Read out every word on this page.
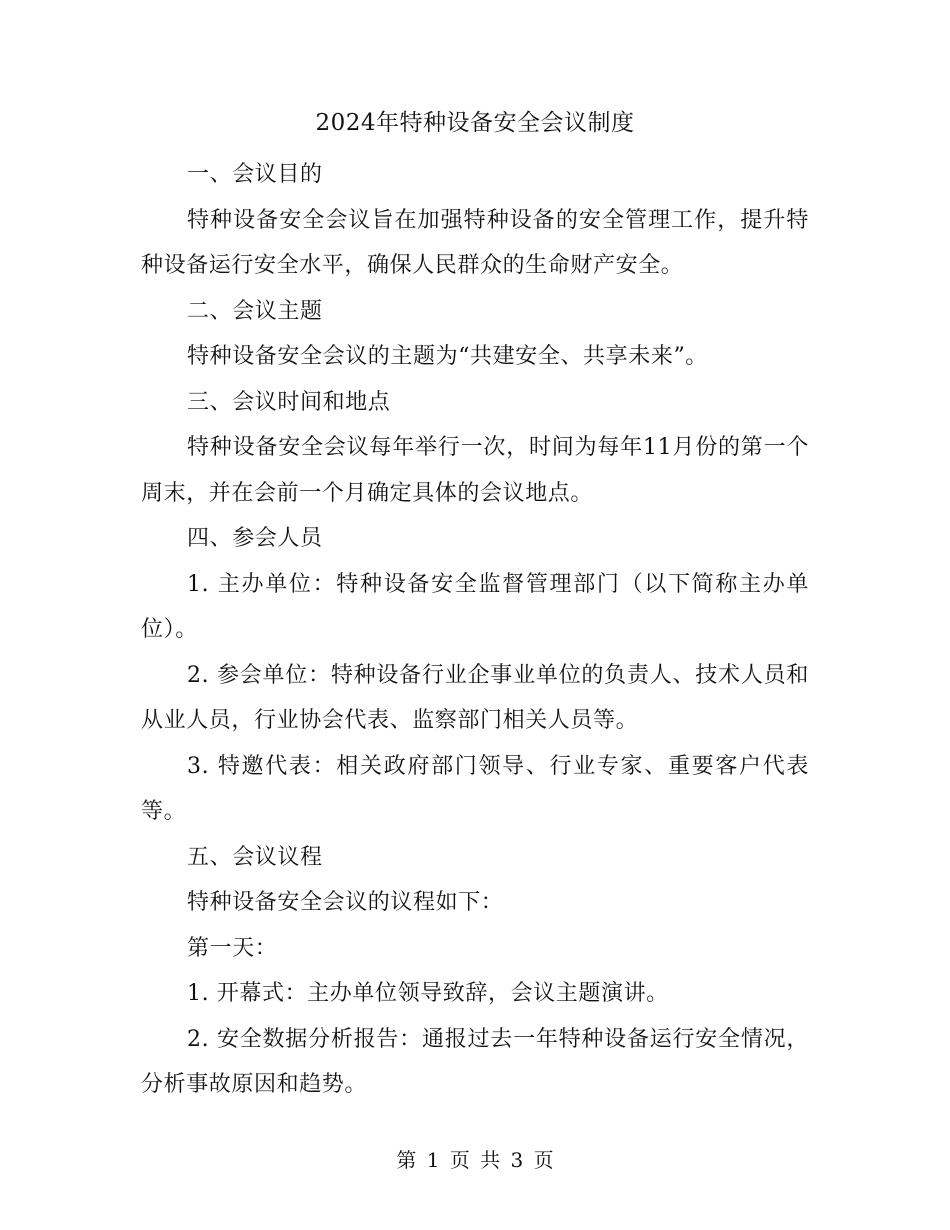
2024年特种设备安全会议制度

一、会议目的

特种设备安全会议旨在加强特种设备的安全管理工作，提升特种设备运行安全水平，确保人民群众的生命财产安全。

二、会议主题

特种设备安全会议的主题为“共建安全、共享未来”。

三、会议时间和地点

特种设备安全会议每年举行一次，时间为每年11月份的第一个周末，并在会前一个月确定具体的会议地点。

四、参会人员

1. 主办单位：特种设备安全监督管理部门（以下简称主办单位）。

2. 参会单位：特种设备行业企事业单位的负责人、技术人员和从业人员，行业协会代表、监察部门相关人员等。

3. 特邀代表：相关政府部门领导、行业专家、重要客户代表等。

五、会议议程

特种设备安全会议的议程如下：

第一天：

1. 开幕式：主办单位领导致辞，会议主题演讲。

2. 安全数据分析报告：通报过去一年特种设备运行安全情况，分析事故原因和趋势。

第 1 页 共 3 页
